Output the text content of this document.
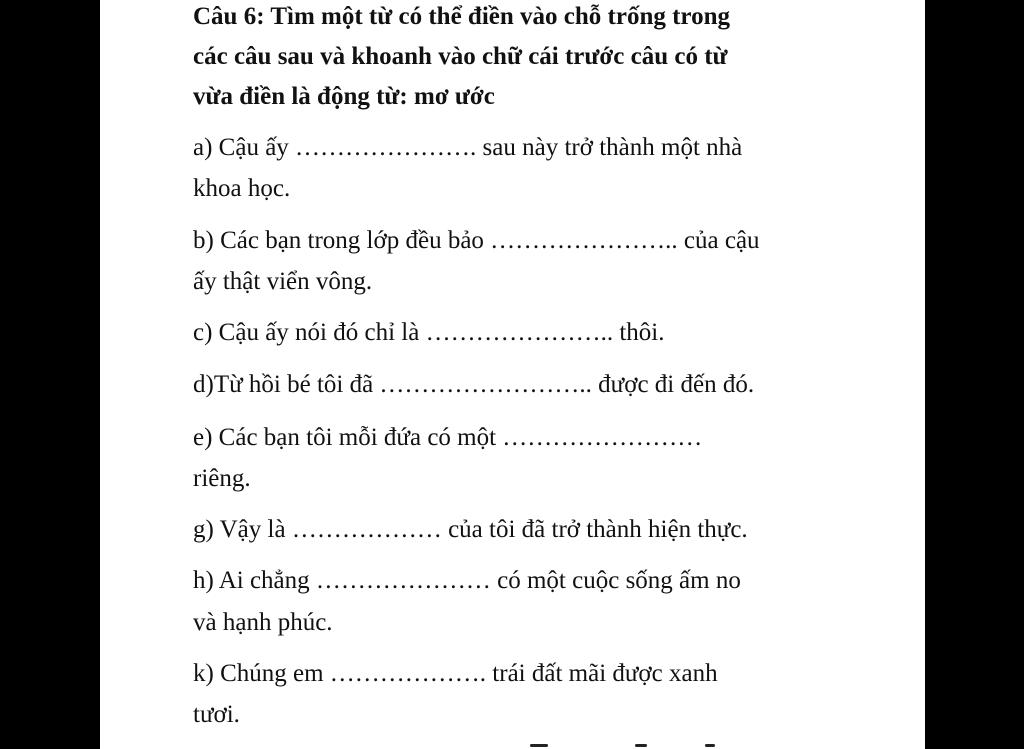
Câu 6: Tìm một từ có thể điền vào chỗ trống trong

các câu sau và khoanh vào chữ cái trước câu có từ

vừa điền là động từ: mơ ước

a) Cậu ấy …………………. sau này trở thành một nhà

khoa học.

b) Các bạn trong lớp đều bảo ………………….. của cậu

ấy thật viển vông.

c) Cậu ấy nói đó chỉ là ………………….. thôi.

d)Từ hồi bé tôi đã …………………….. được đi đến đó.

e) Các bạn tôi mỗi đứa có một ……………………

riêng.

g) Vậy là ……………… của tôi đã trở thành hiện thực.

h) Ai chẳng ………………… có một cuộc sống ấm no

và hạnh phúc.

k) Chúng em ………………. trái đất mãi được xanh

tươi.
